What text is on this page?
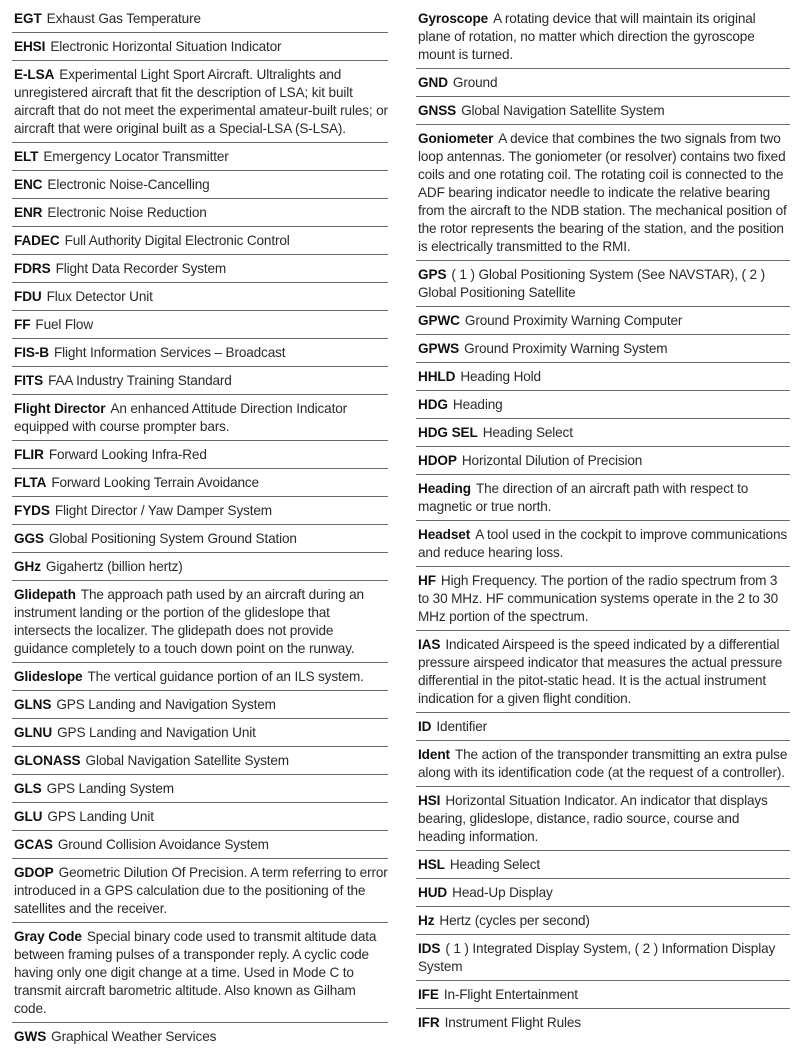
EGT Exhaust Gas Temperature
EHSI Electronic Horizontal Situation Indicator
E-LSA Experimental Light Sport Aircraft. Ultralights and unregistered aircraft that fit the description of LSA; kit built aircraft that do not meet the experimental amateur-built rules; or aircraft that were original built as a Special-LSA (S-LSA).
ELT Emergency Locator Transmitter
ENC Electronic Noise-Cancelling
ENR Electronic Noise Reduction
FADEC Full Authority Digital Electronic Control
FDRS Flight Data Recorder System
FDU Flux Detector Unit
FF Fuel Flow
FIS-B Flight Information Services – Broadcast
FITS FAA Industry Training Standard
Flight Director An enhanced Attitude Direction Indicator equipped with course prompter bars.
FLIR Forward Looking Infra-Red
FLTA Forward Looking Terrain Avoidance
FYDS Flight Director / Yaw Damper System
GGS Global Positioning System Ground Station
GHz Gigahertz (billion hertz)
Glidepath The approach path used by an aircraft during an instrument landing or the portion of the glideslope that intersects the localizer. The glidepath does not provide guidance completely to a touch down point on the runway.
Glideslope The vertical guidance portion of an ILS system.
GLNS GPS Landing and Navigation System
GLNU GPS Landing and Navigation Unit
GLONASS Global Navigation Satellite System
GLS GPS Landing System
GLU GPS Landing Unit
GCAS Ground Collision Avoidance System
GDOP Geometric Dilution Of Precision. A term referring to error introduced in a GPS calculation due to the positioning of the satellites and the receiver.
Gray Code Special binary code used to transmit altitude data between framing pulses of a transponder reply. A cyclic code having only one digit change at a time. Used in Mode C to transmit aircraft barometric altitude. Also known as Gilham code.
GWS Graphical Weather Services
Gyroscope A rotating device that will maintain its original plane of rotation, no matter which direction the gyroscope mount is turned.
GND Ground
GNSS Global Navigation Satellite System
Goniometer A device that combines the two signals from two loop antennas. The goniometer (or resolver) contains two fixed coils and one rotating coil. The rotating coil is connected to the ADF bearing indicator needle to indicate the relative bearing from the aircraft to the NDB station. The mechanical position of the rotor represents the bearing of the station, and the position is electrically transmitted to the RMI.
GPS ( 1 ) Global Positioning System (See NAVSTAR), ( 2 ) Global Positioning Satellite
GPWC Ground Proximity Warning Computer
GPWS Ground Proximity Warning System
HHLD Heading Hold
HDG Heading
HDG SEL Heading Select
HDOP Horizontal Dilution of Precision
Heading The direction of an aircraft path with respect to magnetic or true north.
Headset A tool used in the cockpit to improve communications and reduce hearing loss.
HF High Frequency. The portion of the radio spectrum from 3 to 30 MHz. HF communication systems operate in the 2 to 30 MHz portion of the spectrum.
IAS Indicated Airspeed is the speed indicated by a differential pressure airspeed indicator that measures the actual pressure differential in the pitot-static head. It is the actual instrument indication for a given flight condition.
ID Identifier
Ident The action of the transponder transmitting an extra pulse along with its identification code (at the request of a controller).
HSI Horizontal Situation Indicator. An indicator that displays bearing, glideslope, distance, radio source, course and heading information.
HSL Heading Select
HUD Head-Up Display
Hz Hertz (cycles per second)
IDS ( 1 ) Integrated Display System, ( 2 ) Information Display System
IFE In-Flight Entertainment
IFR Instrument Flight Rules
